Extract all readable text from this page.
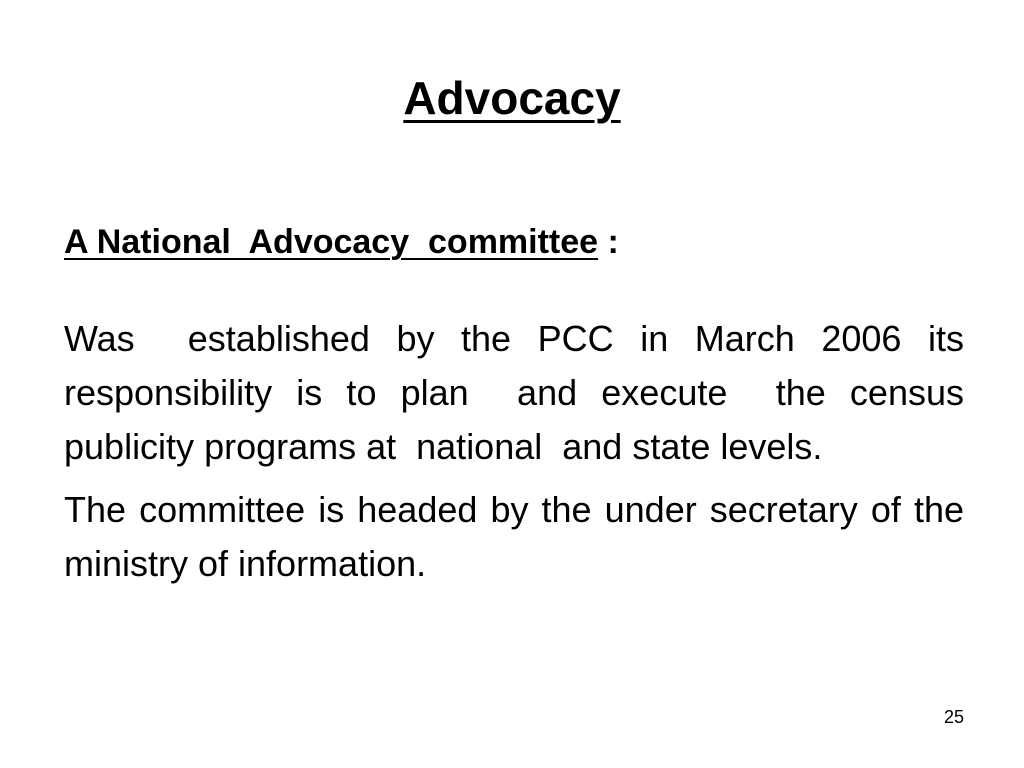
Advocacy
A National  Advocacy  committee :

Was  established by the PCC in March 2006 its responsibility is to plan  and execute  the census publicity programs at  national  and state levels.

The committee is headed by the under secretary of the ministry of information.

25
